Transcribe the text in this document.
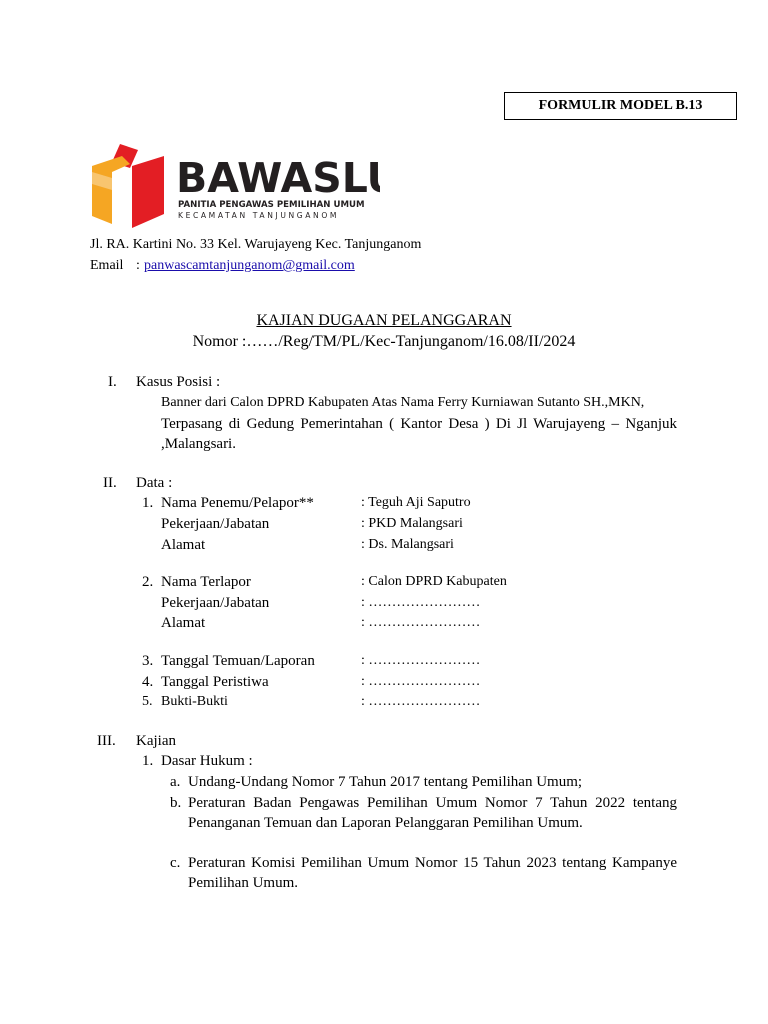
FORMULIR MODEL B.13
BAWASLU
PANITIA PENGAWAS PEMILIHAN UMUM
KECAMATAN TANJUNGANOM
Jl. RA. Kartini No. 33 Kel. Warujayeng Kec. Tanjunganom
Email : panwascamtanjunganom@gmail.com
KAJIAN DUGAAN PELANGGARAN
Nomor :……/Reg/TM/PL/Kec-Tanjunganom/16.08/II/2024
I. Kasus Posisi :
Banner dari Calon DPRD Kabupaten Atas Nama Ferry Kurniawan Sutanto SH.,MKN,
Terpasang di Gedung Pemerintahan ( Kantor Desa ) Di Jl Warujayeng – Nganjuk ,Malangsari.
II. Data :
1. Nama Penemu/Pelapor**	: Teguh Aji Saputro
Pekerjaan/Jabatan	: PKD Malangsari
Alamat	: Ds. Malangsari
2. Nama Terlapor	: Calon DPRD Kabupaten
Pekerjaan/Jabatan	: ……………………
Alamat	: ……………………
3. Tanggal Temuan/Laporan	: ……………………
4. Tanggal Peristiwa	: ……………………
5. Bukti-Bukti	: ……………………
III. Kajian
1. Dasar Hukum :
a. Undang-Undang Nomor 7 Tahun 2017 tentang Pemilihan Umum;
b. Peraturan Badan Pengawas Pemilihan Umum Nomor 7 Tahun 2022 tentang Penanganan Temuan dan Laporan Pelanggaran Pemilihan Umum.
c. Peraturan Komisi Pemilihan Umum Nomor 15 Tahun 2023 tentang Kampanye Pemilihan Umum.
